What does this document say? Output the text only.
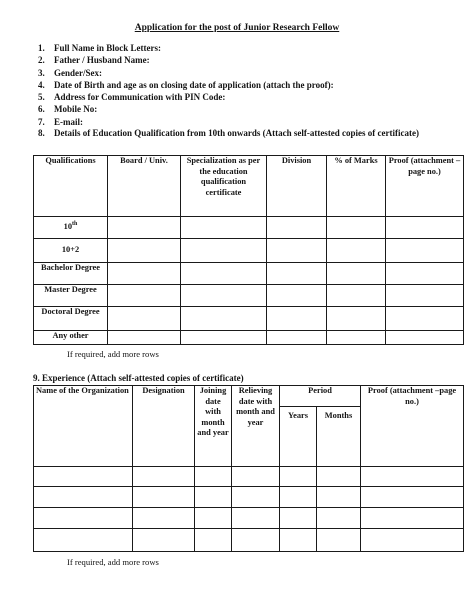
Application for the post of Junior Research Fellow
1.	Full Name in Block Letters:
2.	Father / Husband Name:
3.	Gender/Sex:
4.	Date of Birth and age as on closing date of application (attach the proof):
5.	Address for Communication with PIN Code:
6.	Mobile No:
7.	E-mail:
8.	Details of Education Qualification from 10th onwards (Attach self-attested copies of certificate)
Qualifications	Board / Univ.	Specialization as per the education qualification certificate	Division	% of Marks	Proof (attachment – page no.)
10th					
10+2					
Bachelor Degree					
Master Degree					
Doctoral Degree					
Any other					
If required, add more rows
9. Experience (Attach self-attested copies of certificate)
Name of the Organization	Designation	Joining date with month and year	Relieving date with month and year	Period		Proof (attachment –page no.)
				Years	Months	

If required, add more rows
